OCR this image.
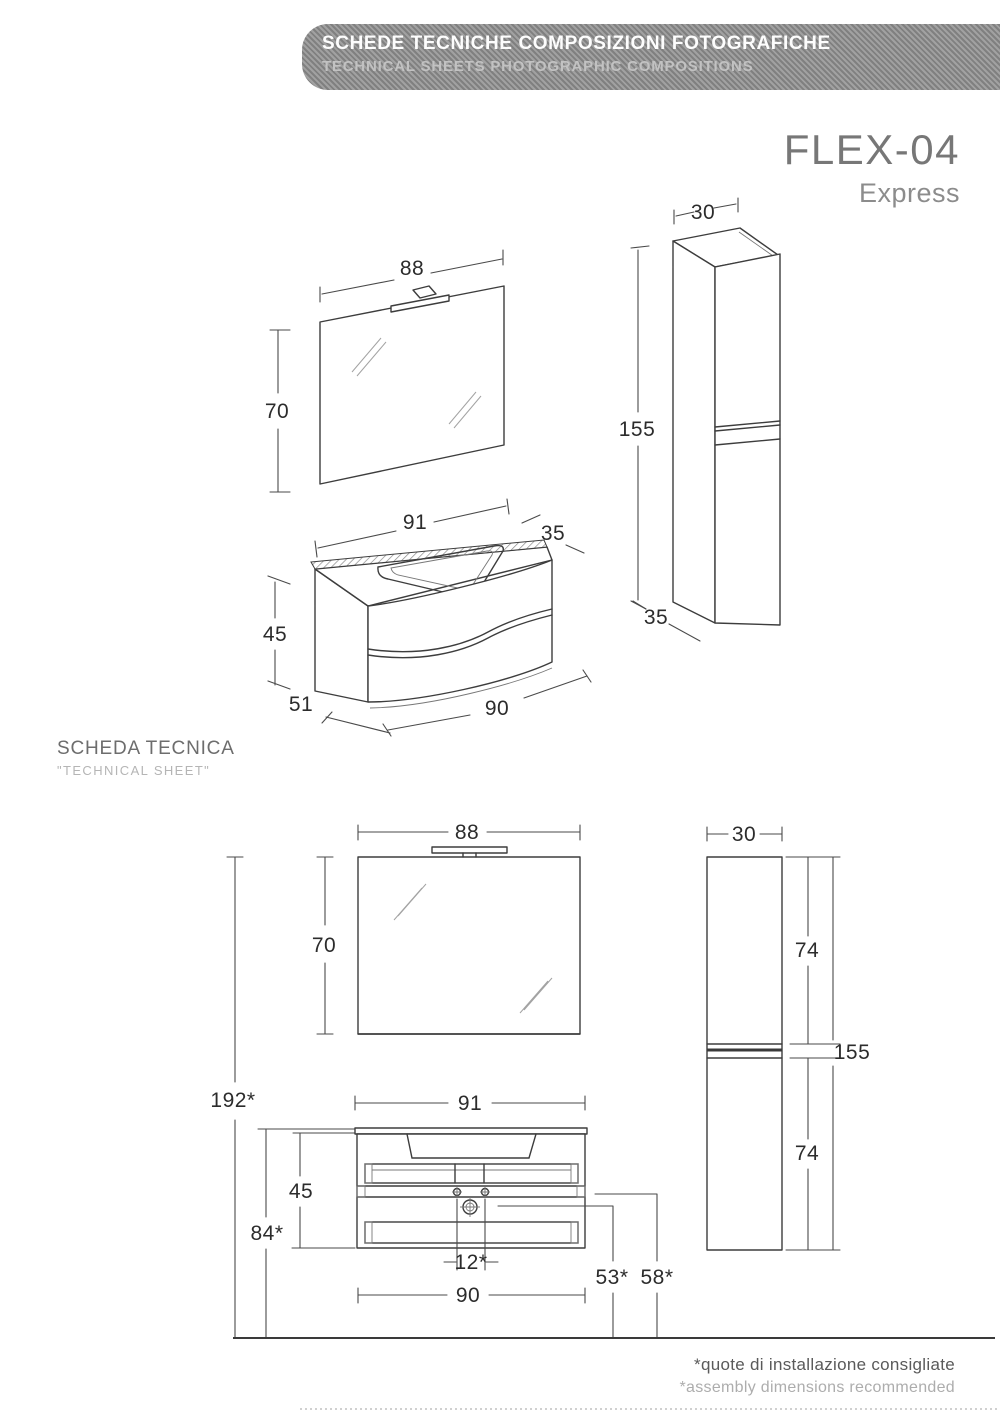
SCHEDE TECNICHE COMPOSIZIONI FOTOGRAFICHE
TECHNICAL SHEETS PHOTOGRAPHIC COMPOSITIONS
FLEX-04
Express
SCHEDA TECNICA
"TECHNICAL SHEET"
88
70
91	35
45
51	90
30
155
35
88
70
192*
84*
45
91
12*
90
53* 58*
30
74
74
155
*quote di installazione consigliate
*assembly dimensions recommended
